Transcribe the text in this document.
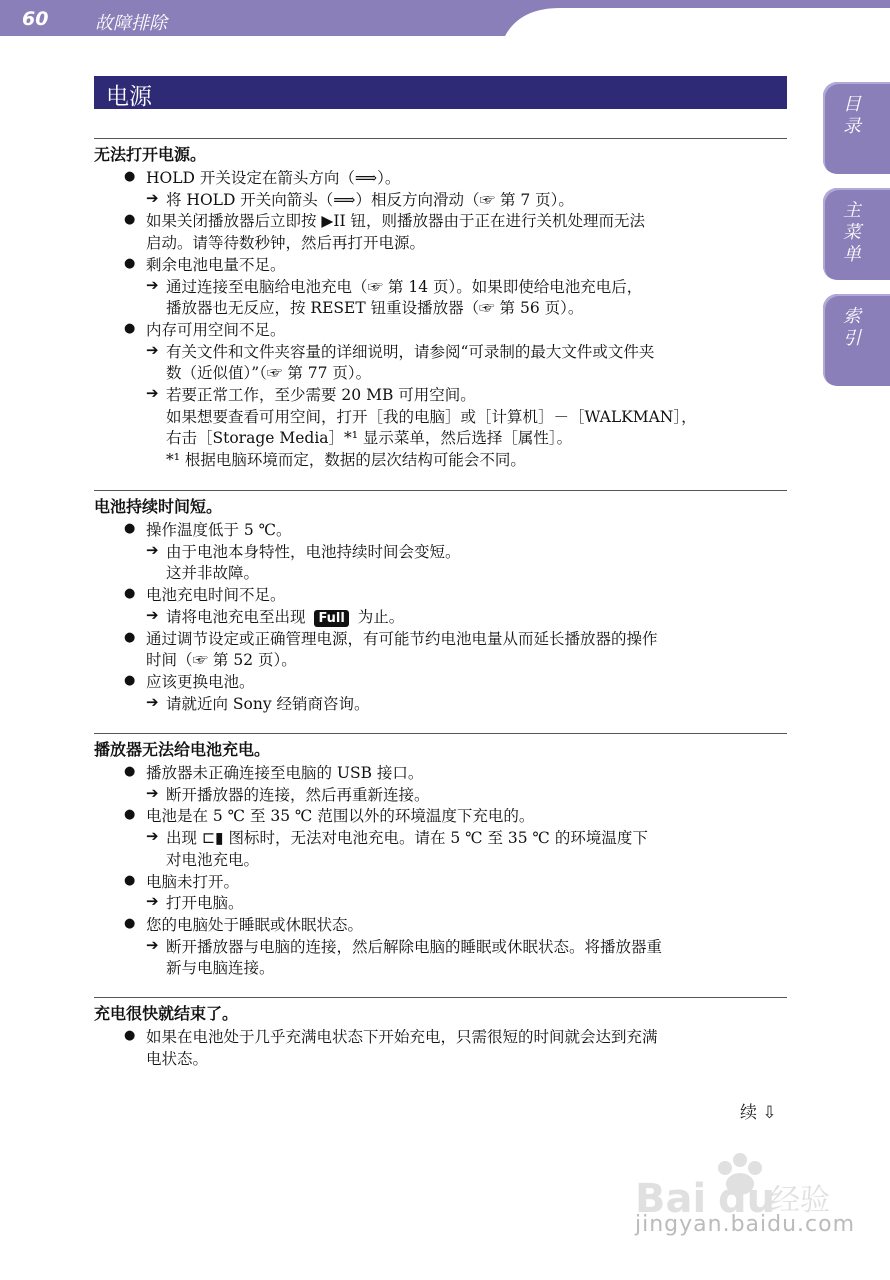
60	故障排除
电源	目录
主菜单
索引
无法打开电源。
● HOLD 开关设定在箭头方向（⟹）。
➔ 将 HOLD 开关向箭头（⟹）相反方向滑动（☞ 第 7 页）。
● 如果关闭播放器后立即按 ▶II 钮，则播放器由于正在进行关机处理而无法
启动。请等待数秒钟，然后再打开电源。
● 剩余电池电量不足。
➔ 通过连接至电脑给电池充电（☞ 第 14 页）。如果即使给电池充电后，
播放器也无反应，按 RESET 钮重设播放器（☞ 第 56 页）。
● 内存可用空间不足。
➔ 有关文件和文件夹容量的详细说明，请参阅“可录制的最大文件或文件夹
数（近似值）”（☞ 第 77 页）。
➔ 若要正常工作，至少需要 20 MB 可用空间。
如果想要查看可用空间，打开［我的电脑］或［计算机］－［WALKMAN］，
右击［Storage Media］*¹ 显示菜单，然后选择［属性］。
*¹ 根据电脑环境而定，数据的层次结构可能会不同。
电池持续时间短。
● 操作温度低于 5 ℃。
➔ 由于电池本身特性，电池持续时间会变短。
这并非故障。
● 电池充电时间不足。
➔ 请将电池充电至出现 Full 为止。
● 通过调节设定或正确管理电源，有可能节约电池电量从而延长播放器的操作
时间（☞ 第 52 页）。
● 应该更换电池。
➔ 请就近向 Sony 经销商咨询。
播放器无法给电池充电。
● 播放器未正确连接至电脑的 USB 接口。
➔ 断开播放器的连接，然后再重新连接。
● 电池是在 5 ℃ 至 35 ℃ 范围以外的环境温度下充电的。
➔ 出现 ⊏▮ 图标时，无法对电池充电。请在 5 ℃ 至 35 ℃ 的环境温度下
对电池充电。
● 电脑未打开。
➔ 打开电脑。
● 您的电脑处于睡眠或休眠状态。
➔ 断开播放器与电脑的连接，然后解除电脑的睡眠或休眠状态。将播放器重
新与电脑连接。
充电很快就结束了。
● 如果在电池处于几乎充满电状态下开始充电，只需很短的时间就会达到充满
电状态。
续 ⇩
Bai du
经验
jingyan.baidu.com
